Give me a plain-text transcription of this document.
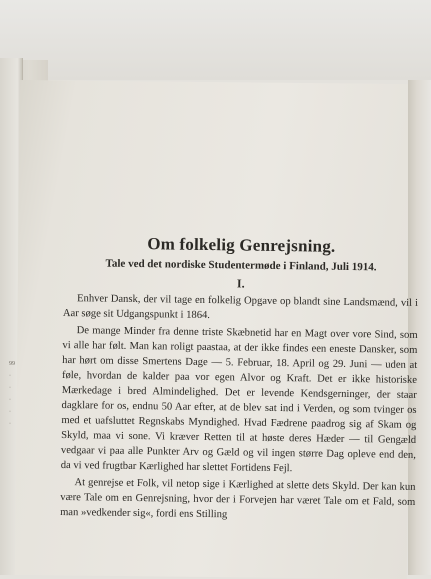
99
·
·
·
·
·
Om folkelig Genrejsning.

Tale ved det nordiske Studentermøde i Finland, Juli 1914.

I.

Enhver Dansk, der vil tage en folkelig Opgave op blandt sine Landsmænd, vil i Aar søge sit Udgangspunkt i 1864.

De mange Minder fra denne triste Skæbnetid har en Magt over vore Sind, som vi alle har følt. Man kan roligt paastaa, at der ikke findes een eneste Dansker, som har hørt om disse Smertens Dage — 5. Februar, 18. April og 29. Juni — uden at føle, hvordan de kalder paa vor egen Alvor og Kraft. Det er ikke historiske Mærkedage i bred Almindelighed. Det er levende Kendsgerninger, der staar dagklare for os, endnu 50 Aar efter, at de blev sat ind i Verden, og som tvinger os med et uafsluttet Regnskabs Myndighed. Hvad Fædrene paadrog sig af Skam og Skyld, maa vi sone. Vi kræver Retten til at høste deres Hæder — til Gengæld vedgaar vi paa alle Punkter Arv og Gæld og vil ingen større Dag opleve end den, da vi ved frugtbar Kærlighed har slettet Fortidens Fejl.

At genrejse et Folk, vil netop sige i Kærlighed at slette dets Skyld. Der kan kun være Tale om en Genrejsning, hvor der i Forvejen har været Tale om et Fald, som man »vedkender sig«, fordi ens Stilling
